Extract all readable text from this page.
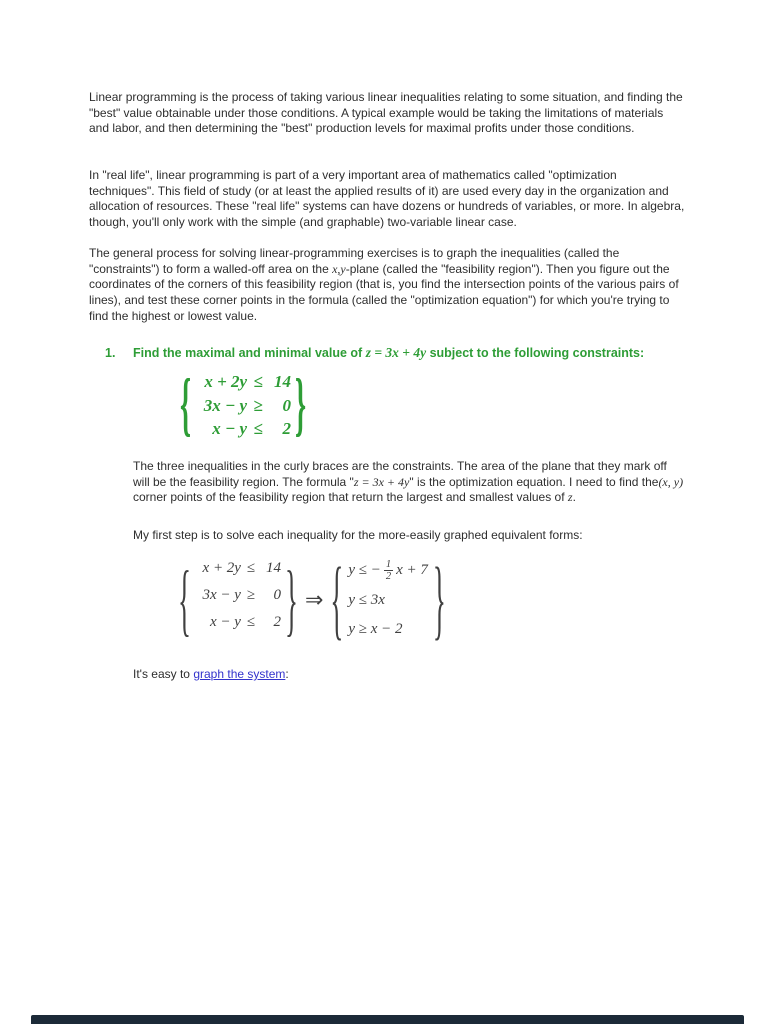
Linear programming is the process of taking various linear inequalities relating to some situation, and finding the "best" value obtainable under those conditions. A typical example would be taking the limitations of materials and labor, and then determining the "best" production levels for maximal profits under those conditions.

In "real life", linear programming is part of a very important area of mathematics called "optimization techniques". This field of study (or at least the applied results of it) are used every day in the organization and allocation of resources. These "real life" systems can have dozens or hundreds of variables, or more. In algebra, though, you'll only work with the simple (and graphable) two-variable linear case.

The general process for solving linear-programming exercises is to graph the inequalities (called the "constraints") to form a walled-off area on the x,y-plane (called the "feasibility region"). Then you figure out the coordinates of the corners of this feasibility region (that is, you find the intersection points of the various pairs of lines), and test these corner points in the formula (called the "optimization equation") for which you're trying to find the highest or lowest value.

1. Find the maximal and minimal value of z = 3x + 4y subject to the following constraints:
{ x + 2y ≤ 14
3x − y ≥	0
x − y ≤	2 }

The three inequalities in the curly braces are the constraints. The area of the plane that they mark off will be the feasibility region. The formula "z = 3x + 4y" is the optimization equation. I need to find the(x, y) corner points of the feasibility region that return the largest and smallest values of z.

My first step is to solve each inequality for the more-easily graphed equivalent forms:

{ x + 2y ≤ 14
3x − y ≥	0
x − y ≤	2 } ⇒ { y ≤ − $\frac{1}{2}$ x + 7
y ≤ 3x
y ≥ x − 2	}

It's easy to graph the system:
